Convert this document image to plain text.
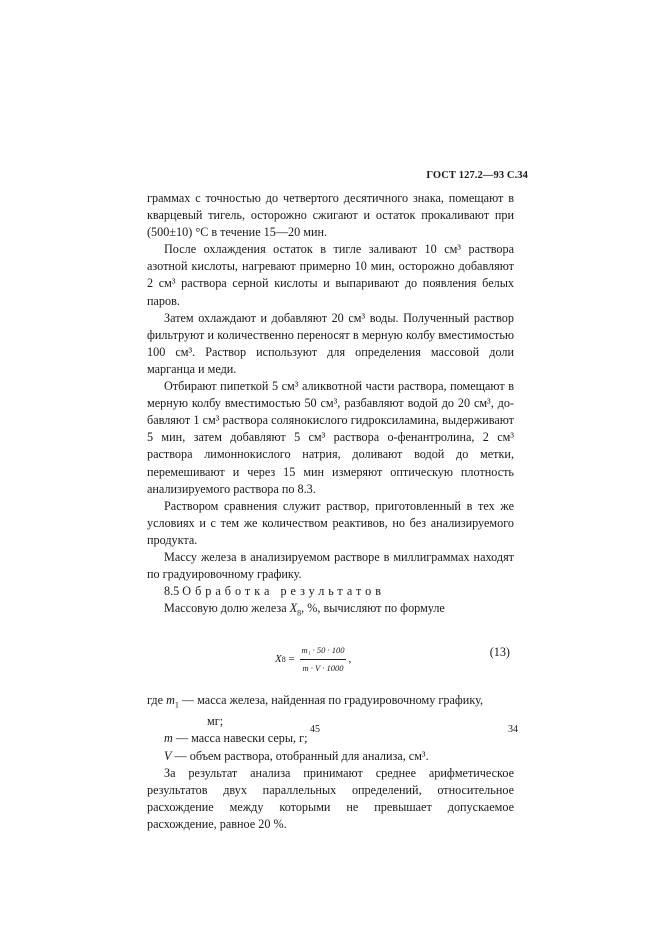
ГОСТ 127.2—93 С.34

граммах с точностью до четвертого десятичного знака, помещают в кварцевый тигель, осторожно сжигают и остаток прокаливают при (500±10) °С в течение 15—20 мин.

После охлаждения остаток в тигле заливают 10 см³ раствора азотной кислоты, нагревают примерно 10 мин, осторожно добавляют 2 см³ раствора серной кислоты и выпаривают до появления белых паров.

Затем охлаждают и добавляют 20 см³ воды. Полученный раствор фильтруют и количественно переносят в мерную колбу вместимостью 100 см³. Раствор используют для определения массовой доли марганца и меди.

Отбирают пипеткой 5 см³ аликвотной части раствора, помещают в мерную колбу вместимостью 50 см³, разбавляют водой до 20 см³, добавляют 1 см³ раствора солянокислого гидроксиламина, выдерживают 5 мин, затем добавляют 5 см³ раствора о-фенантролина, 2 см³ раствора лимоннокислого натрия, доливают водой до метки, перемешивают и через 15 мин измеряют оптическую плотность анализируемого раствора по 8.3.

Раствором сравнения служит раствор, приготовленный в тех же условиях и с тем же количеством реактивов, но без анализируемого продукта.

Массу железа в анализируемом растворе в миллиграммах находят по градуировочному графику.

8.5 Обработка результатов

Массовую долю железа $X_8$, %, вычисляют по формуле

X $8 = \frac{\text{m₁ · 50 · 100}}{m \cdot V \cdot 1000}$ ,
(13)

где $m_1$ — масса железа, найденная по градуировочному графику,

мг;

m — масса навески серы, г;

V — объем раствора, отобранный для анализа, см³.

За результат анализа принимают среднее арифметическое результатов двух параллельных определений, относительное расхождение между которыми не превышает допускаемое расхождение, равное 20 %.

45	34
